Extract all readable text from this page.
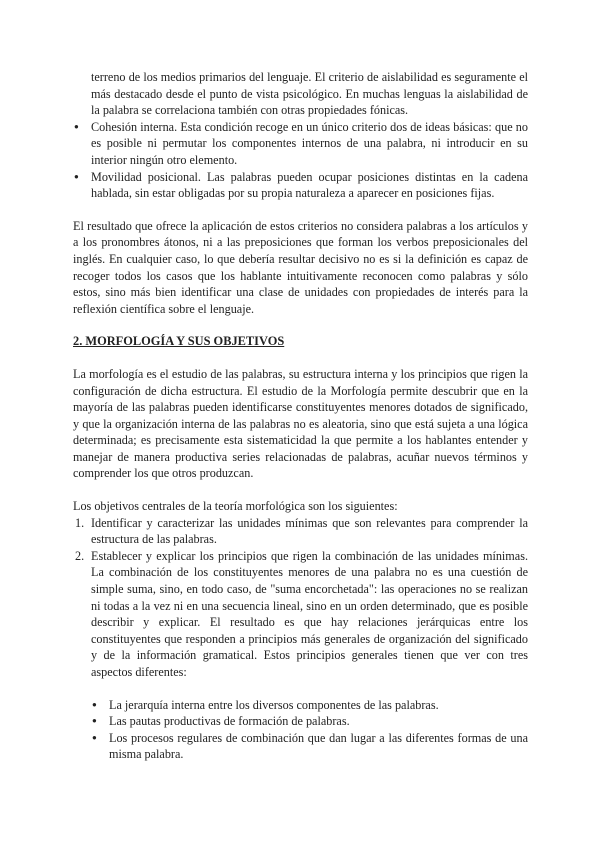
terreno de los medios primarios del lenguaje. El criterio de aislabilidad es seguramente el más destacado desde el punto de vista psicológico. En muchas lenguas la aislabilidad de la palabra se correlaciona también con otras propiedades fónicas.

● Cohesión interna. Esta condición recoge en un único criterio dos de ideas básicas: que no es posible ni permutar los componentes internos de una palabra, ni introducir en su interior ningún otro elemento.
● Movilidad posicional. Las palabras pueden ocupar posiciones distintas en la cadena hablada, sin estar obligadas por su propia naturaleza a aparecer en posiciones fijas.

El resultado que ofrece la aplicación de estos criterios no considera palabras a los artículos y a los pronombres átonos, ni a las preposiciones que forman los verbos preposicionales del inglés. En cualquier caso, lo que debería resultar decisivo no es si la definición es capaz de recoger todos los casos que los hablante intuitivamente reconocen como palabras y sólo estos, sino más bien identificar una clase de unidades con propiedades de interés para la reflexión científica sobre el lenguaje.

2. MORFOLOGÍA Y SUS OBJETIVOS

La morfología es el estudio de las palabras, su estructura interna y los principios que rigen la configuración de dicha estructura. El estudio de la Morfología permite descubrir que en la mayoría de las palabras pueden identificarse constituyentes menores dotados de significado, y que la organización interna de las palabras no es aleatoria, sino que está sujeta a una lógica determinada; es precisamente esta sistematicidad la que permite a los hablantes entender y manejar de manera productiva series relacionadas de palabras, acuñar nuevos términos y comprender los que otros produzcan.

Los objetivos centrales de la teoría morfológica son los siguientes:

1. Identificar y caracterizar las unidades mínimas que son relevantes para comprender la estructura de las palabras.
2. Establecer y explicar los principios que rigen la combinación de las unidades mínimas. La combinación de los constituyentes menores de una palabra no es una cuestión de simple suma, sino, en todo caso, de "suma encorchetada": las operaciones no se realizan ni todas a la vez ni en una secuencia lineal, sino en un orden determinado, que es posible describir y explicar. El resultado es que hay relaciones jerárquicas entre los constituyentes que responden a principios más generales de organización del significado y de la información gramatical. Estos principios generales tienen que ver con tres aspectos diferentes:
● La jerarquía interna entre los diversos componentes de las palabras.
● Las pautas productivas de formación de palabras.
● Los procesos regulares de combinación que dan lugar a las diferentes formas de una misma palabra.
